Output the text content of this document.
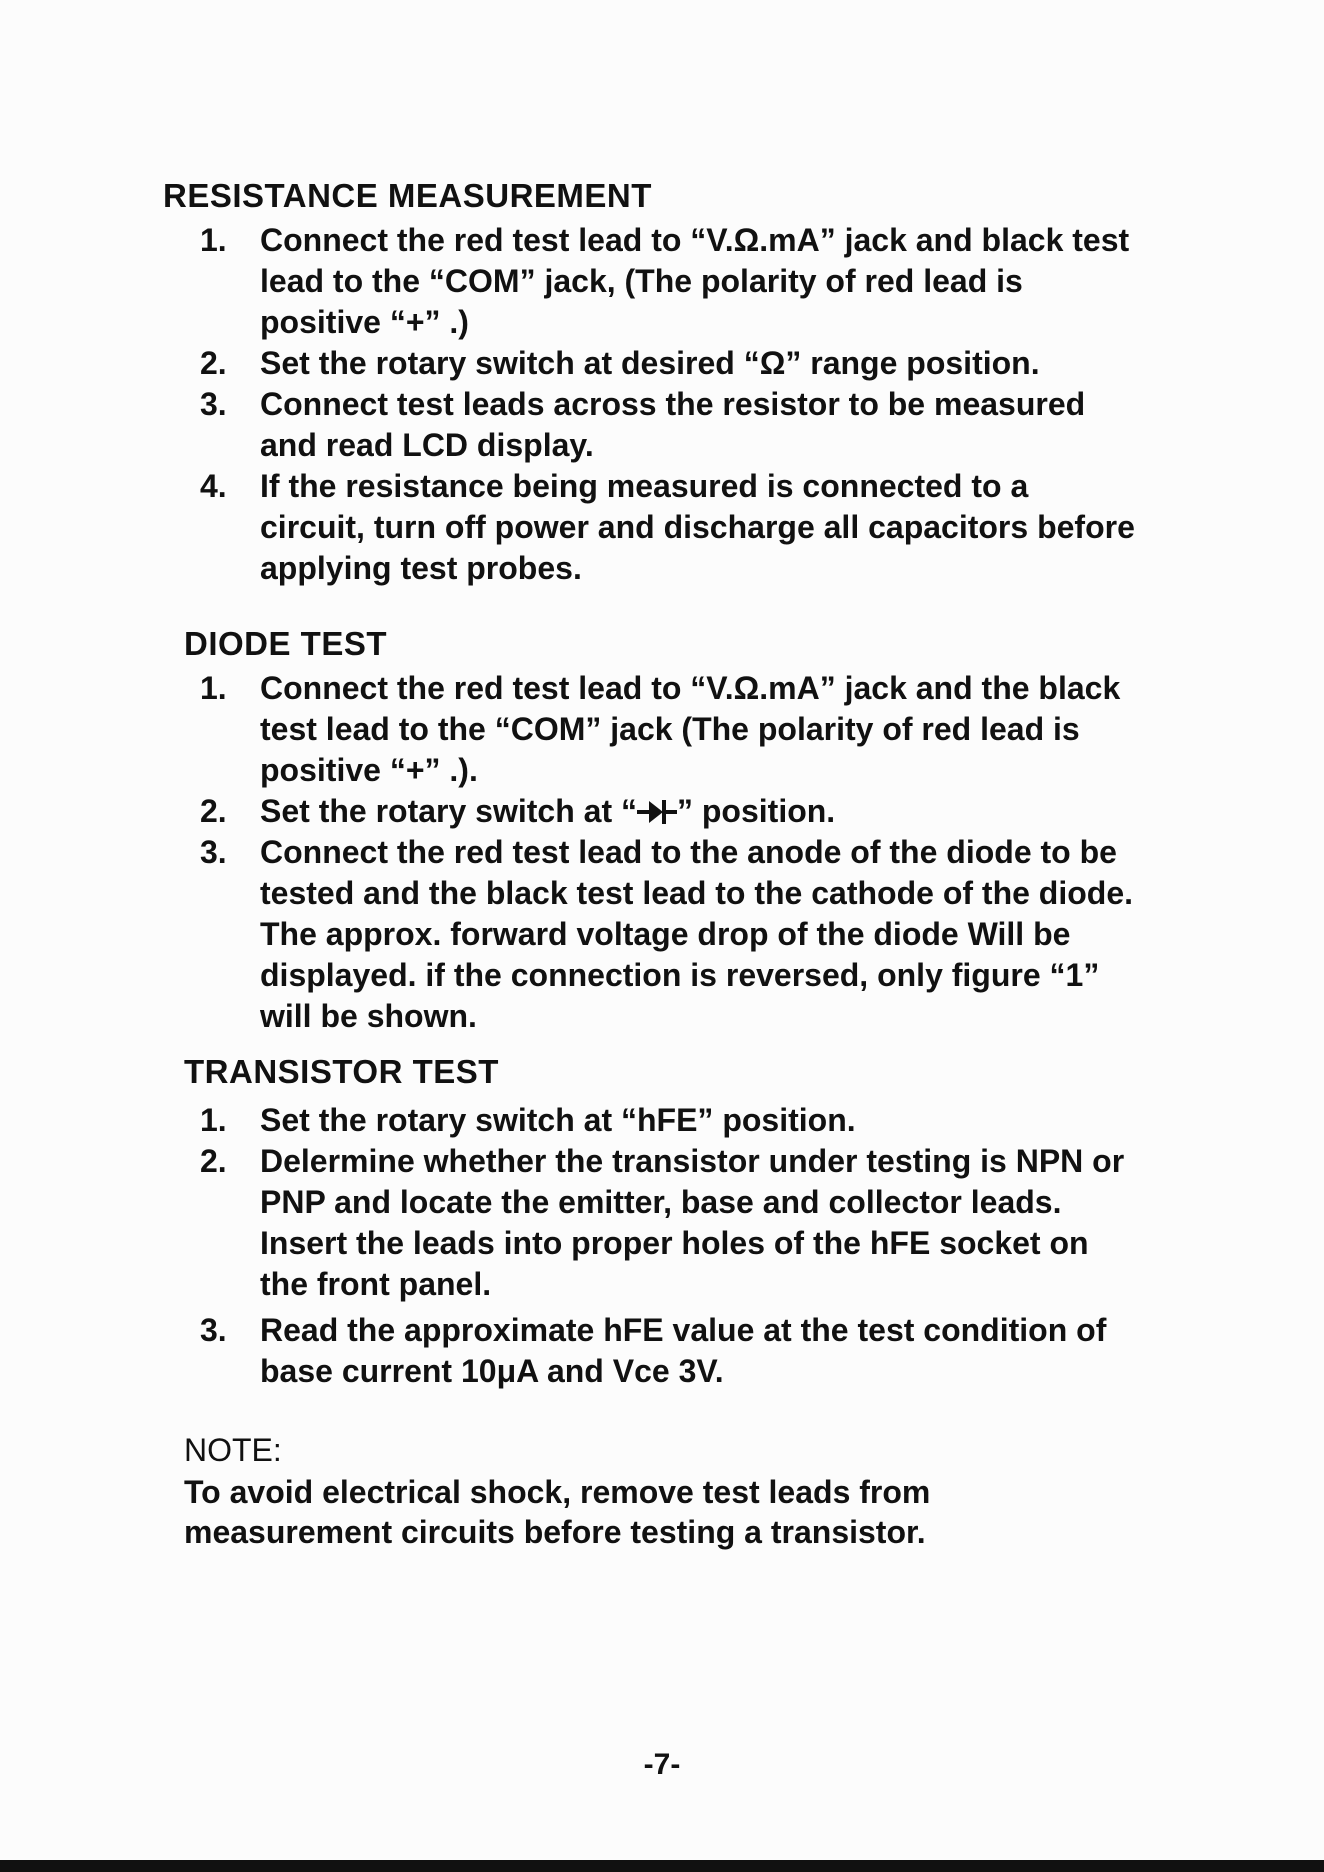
RESISTANCE MEASUREMENT
1.	Connect the red test lead to “V.Ω.mA” jack and black test lead to the “COM” jack, (The polarity of red lead is positive “+” .)
2.	Set the rotary switch at desired “Ω” range position.
3.	Connect test leads across the resistor to be measured and read LCD display.
4.	If the resistance being measured is connected to a circuit, turn off power and discharge all capacitors before applying test probes.
DIODE TEST
1.	Connect the red test lead to “V.Ω.mA” jack and the black test lead to the “COM” jack (The polarity of red lead is positive “+” .).
2.	Set the rotary switch at “ ” position.
3.	Connect the red test lead to the anode of the diode to be tested and the black test lead to the cathode of the diode. The approx. forward voltage drop of the diode Will be displayed. if the connection is reversed, only figure “1” will be shown.
TRANSISTOR TEST
1.	Set the rotary switch at “hFE” position.
2.	Delermine whether the transistor under testing is NPN or PNP and locate the emitter, base and collector leads. Insert the leads into proper holes of the hFE socket on the front panel.
3.	Read the approximate hFE value at the test condition of base current 10μA and Vce 3V.
NOTE:

To avoid electrical shock, remove test leads from measurement circuits before testing a transistor.

-7-
